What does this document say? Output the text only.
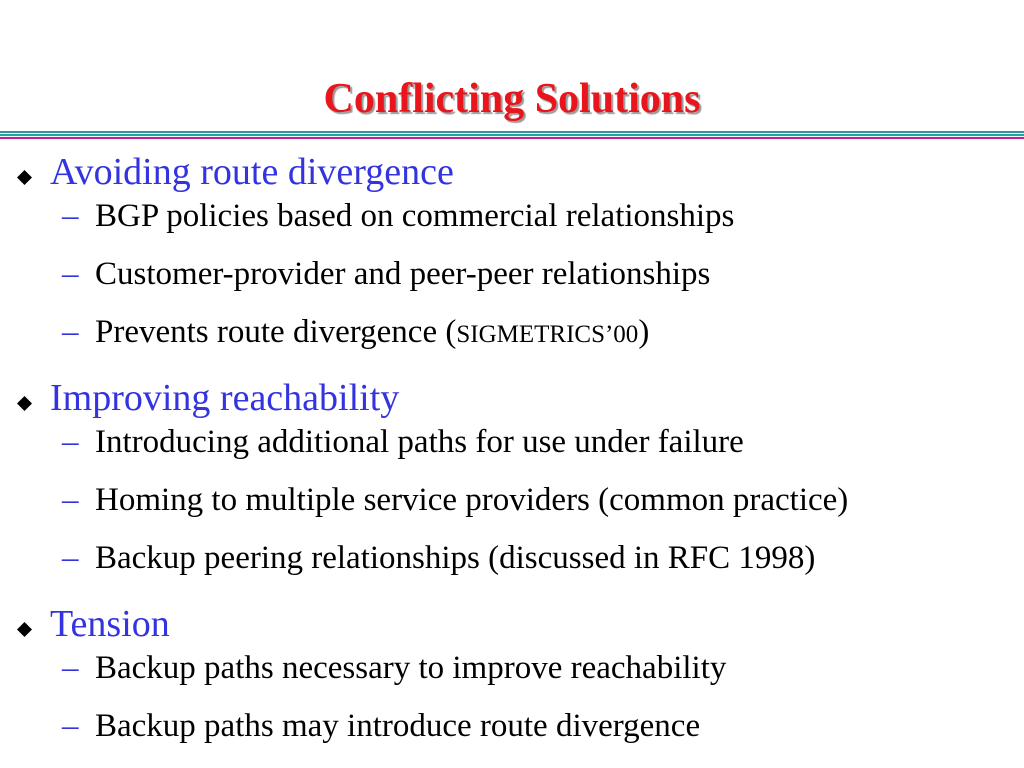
Conflicting Solutions
Avoiding route divergence
– BGP policies based on commercial relationships
– Customer-provider and peer-peer relationships
– Prevents route divergence (SIGMETRICS’00)
Improving reachability
– Introducing additional paths for use under failure
– Homing to multiple service providers (common practice)
– Backup peering relationships (discussed in RFC 1998)
Tension
– Backup paths necessary to improve reachability
– Backup paths may introduce route divergence
